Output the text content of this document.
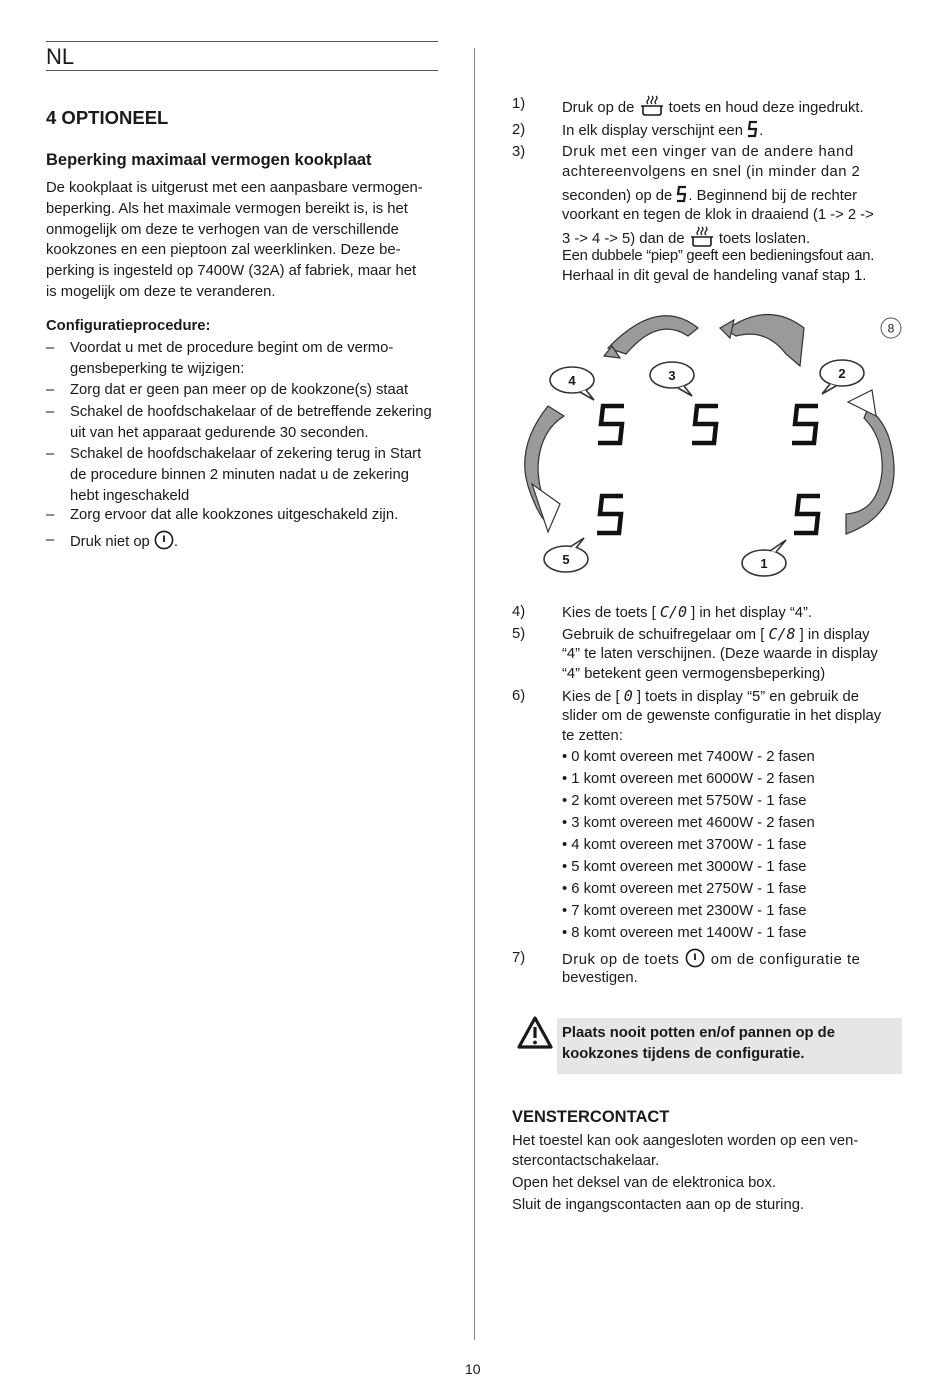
NL
4 OPTIONEEL
Beperking maximaal vermogen kookplaat
De kookplaat is uitgerust met een aanpasbare vermogen-
beperking. Als het maximale vermogen bereikt is, is het
onmogelijk om deze te verhogen van de verschillende
kookzones en een pieptoon zal weerklinken. Deze be-
perking is ingesteld op 7400W (32A) af fabriek, maar het
is mogelijk om deze te veranderen.
Configuratieprocedure:
– Voordat u met de procedure begint om de vermo-
gensbeperking te wijzigen:
– Zorg dat er geen pan meer op de kookzone(s) staat
– Schakel de hoofdschakelaar of de betreffende zekering
uit van het apparaat gedurende 30 seconden.
– Schakel de hoofdschakelaar of zekering terug in Start
de procedure binnen 2 minuten nadat u de zekering
hebt ingeschakeld
– Zorg ervoor dat alle kookzones uitgeschakeld zijn.
– Druk niet op .
1) Druk op de toets en houd deze ingedrukt.
2) In elk display verschijnt een .
3) Druk met een vinger van de andere hand
achtereenvolgens en snel (in minder dan 2
seconden) op de . Beginnend bij de rechter
voorkant en tegen de klok in draaiend (1 -> 2 ->
3 -> 4 -> 5) dan de toets loslaten.
Een dubbele “piep” geeft een bedieningsfout aan.
Herhaal in dit geval de handeling vanaf stap 1.
8
4	3	2
5	1
4) Kies de toets [ C/0 ] in het display “4”.
5) Gebruik de schuifregelaar om [ C/8 ] in display
“4” te laten verschijnen. (Deze waarde in display
“4” betekent geen vermogensbeperking)
6) Kies de [ 0 ] toets in display “5” en gebruik de
slider om de gewenste configuratie in het display
te zetten:
• 0 komt overeen met 7400W - 2 fasen
• 1 komt overeen met 6000W - 2 fasen
• 2 komt overeen met 5750W - 1 fase
• 3 komt overeen met 4600W - 2 fasen
• 4 komt overeen met 3700W - 1 fase
• 5 komt overeen met 3000W - 1 fase
• 6 komt overeen met 2750W - 1 fase
• 7 komt overeen met 2300W - 1 fase
• 8 komt overeen met 1400W - 1 fase
7) Druk op de toets om de configuratie te
bevestigen.
Plaats nooit potten en/of pannen op de
kookzones tijdens de configuratie.
VENSTERCONTACT
Het toestel kan ook aangesloten worden op een ven-
stercontactschakelaar.
Open het deksel van de elektronica box.
Sluit de ingangscontacten aan op de sturing.
10
